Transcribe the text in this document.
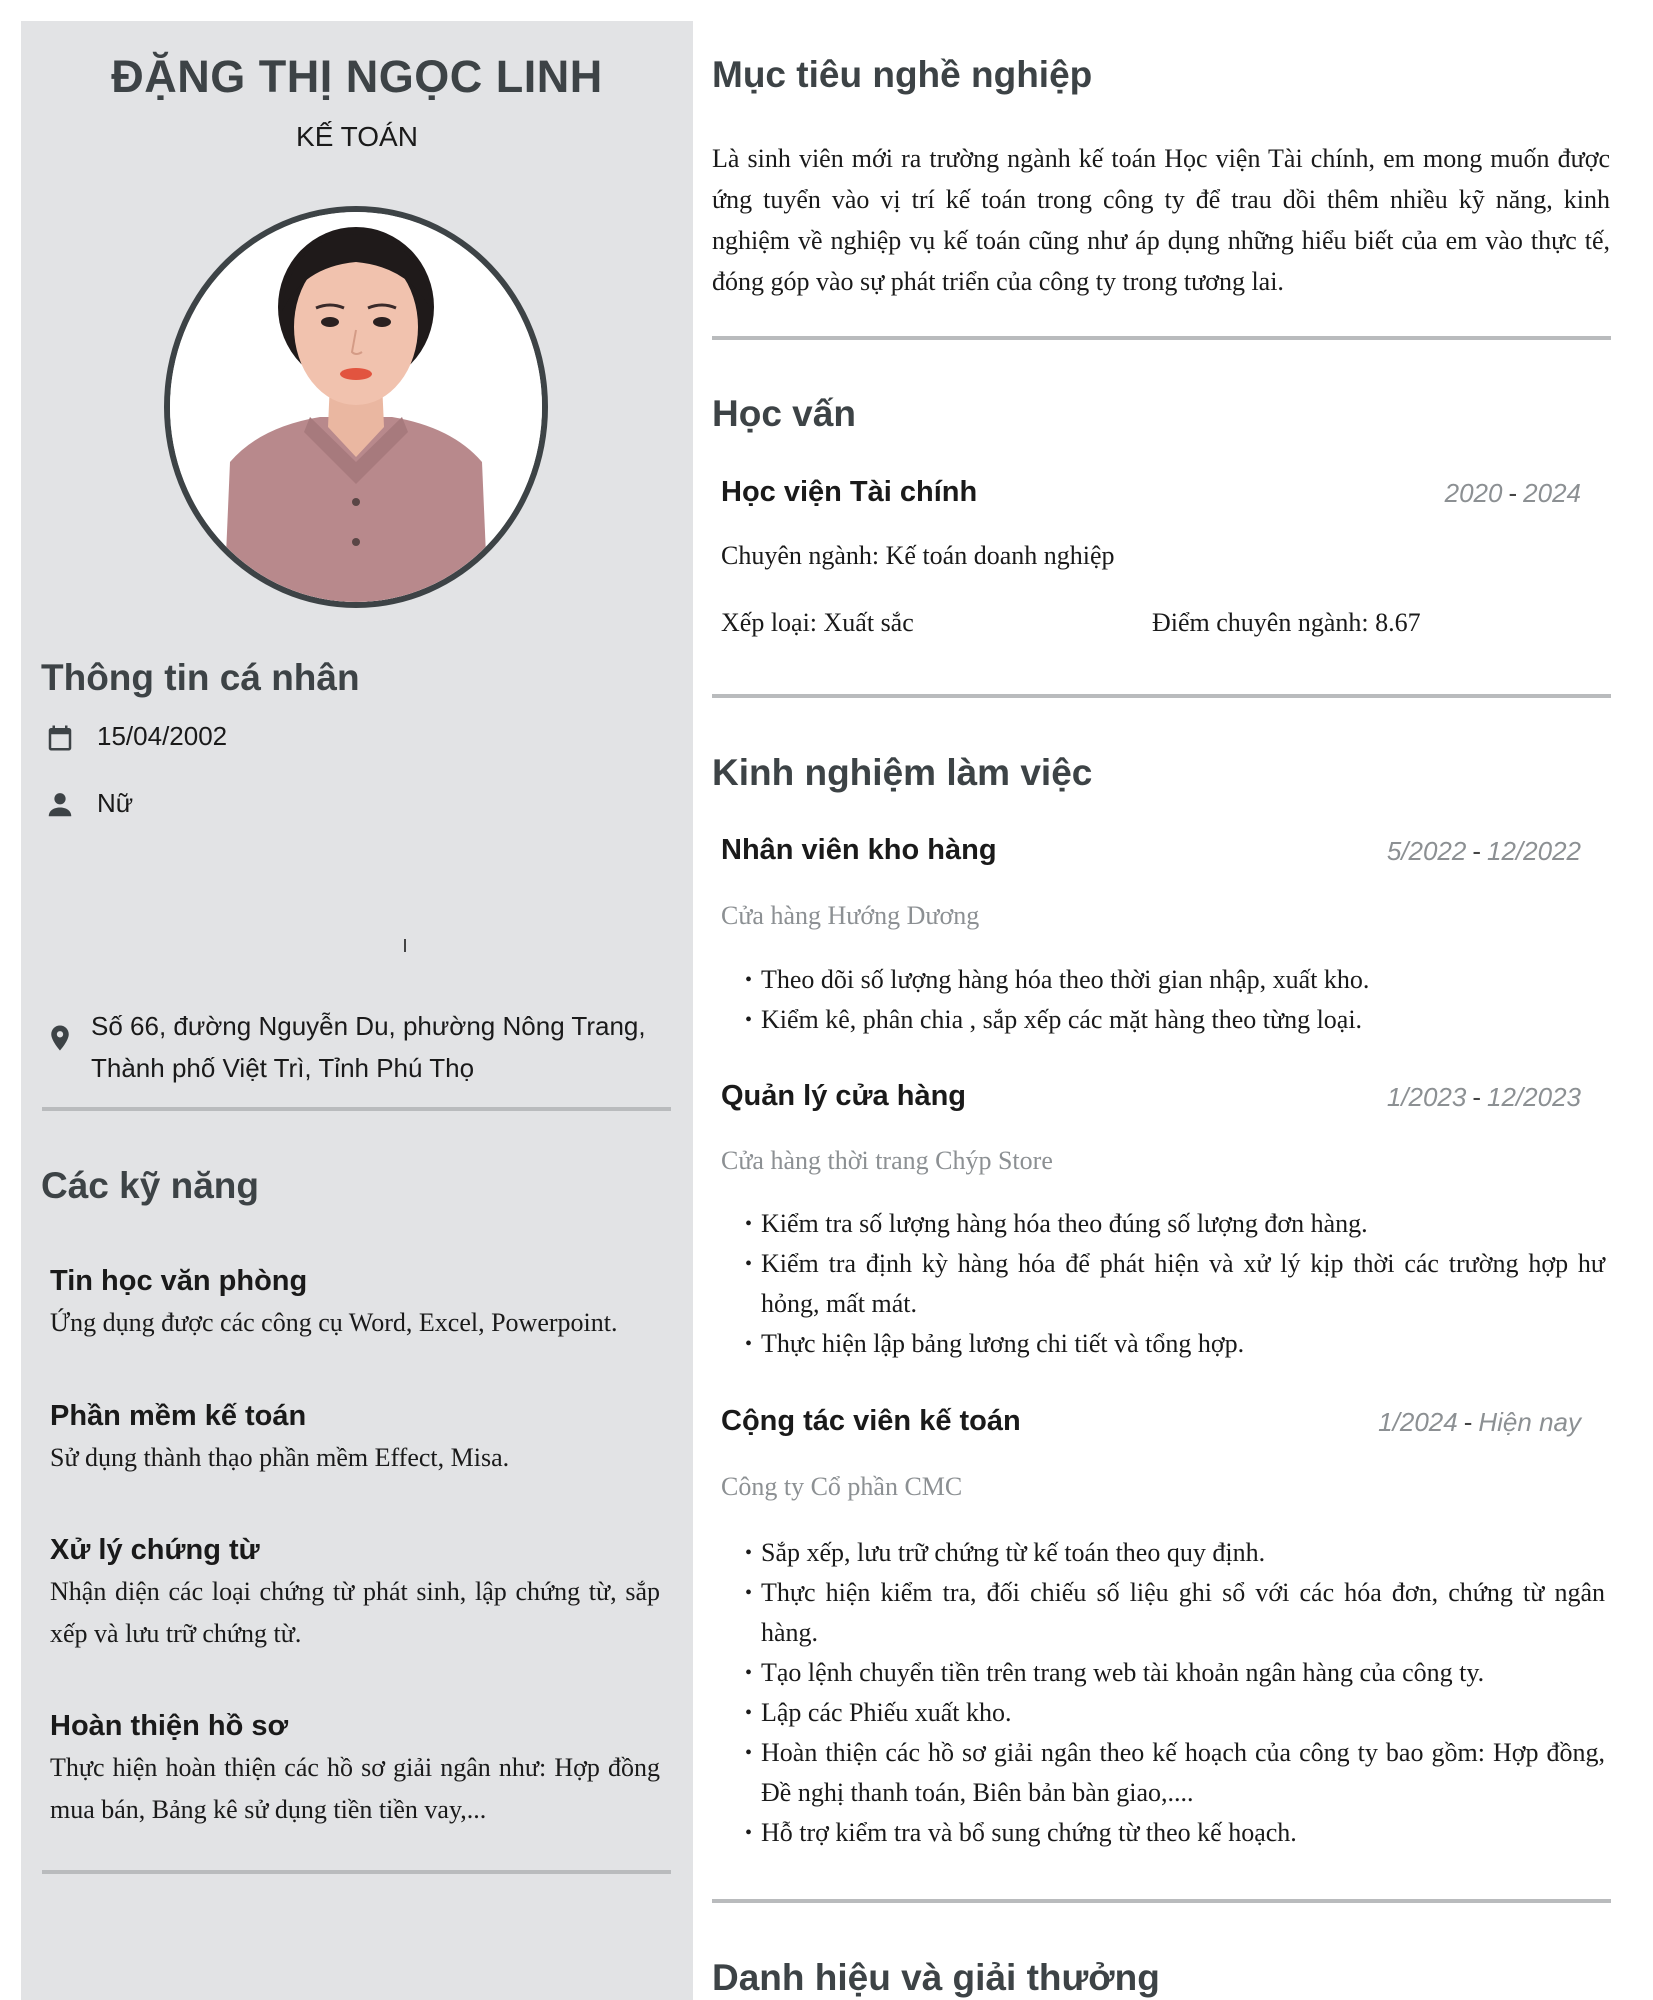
ĐẶNG THỊ NGỌC LINH
KẾ TOÁN
Thông tin cá nhân
15/04/2002
Nữ
Số 66, đường Nguyễn Du, phường Nông Trang,
Thành phố Việt Trì, Tỉnh Phú Thọ
Các kỹ năng
Tin học văn phòng
Ứng dụng được các công cụ Word, Excel, Powerpoint.
Phần mềm kế toán
Sử dụng thành thạo phần mềm Effect, Misa.
Xử lý chứng từ
Nhận diện các loại chứng từ phát sinh, lập chứng từ, sắp xếp và lưu trữ chứng từ.
Hoàn thiện hồ sơ
Thực hiện hoàn thiện các hồ sơ giải ngân như: Hợp đồng mua bán, Bảng kê sử dụng tiền tiền vay,...
Mục tiêu nghề nghiệp
Là sinh viên mới ra trường ngành kế toán Học viện Tài chính, em mong muốn được ứng tuyển vào vị trí kế toán trong công ty để trau dồi thêm nhiều kỹ năng, kinh nghiệm về nghiệp vụ kế toán cũng như áp dụng những hiểu biết của em vào thực tế, đóng góp vào sự phát triển của công ty trong tương lai.
Học vấn
Học viện Tài chính	2020 - 2024
Chuyên ngành: Kế toán doanh nghiệp
Xếp loại: Xuất sắc	Điểm chuyên ngành: 8.67
Kinh nghiệm làm việc
Nhân viên kho hàng	5/2022 - 12/2022
Cửa hàng Hướng Dương
• Theo dõi số lượng hàng hóa theo thời gian nhập, xuất kho.
• Kiểm kê, phân chia , sắp xếp các mặt hàng theo từng loại.
Quản lý cửa hàng	1/2023 - 12/2023
Cửa hàng thời trang Chýp Store
• Kiểm tra số lượng hàng hóa theo đúng số lượng đơn hàng.
• Kiểm tra định kỳ hàng hóa để phát hiện và xử lý kịp thời các trường hợp hư hỏng, mất mát.
• Thực hiện lập bảng lương chi tiết và tổng hợp.
Cộng tác viên kế toán	1/2024 - Hiện nay
Công ty Cổ phần CMC
• Sắp xếp, lưu trữ chứng từ kế toán theo quy định.
• Thực hiện kiểm tra, đối chiếu số liệu ghi sổ với các hóa đơn, chứng từ ngân hàng.
• Tạo lệnh chuyển tiền trên trang web tài khoản ngân hàng của công ty.
• Lập các Phiếu xuất kho.
• Hoàn thiện các hồ sơ giải ngân theo kế hoạch của công ty bao gồm: Hợp đồng, Đề nghị thanh toán, Biên bản bàn giao,....
• Hỗ trợ kiểm tra và bổ sung chứng từ theo kế hoạch.
Danh hiệu và giải thưởng
